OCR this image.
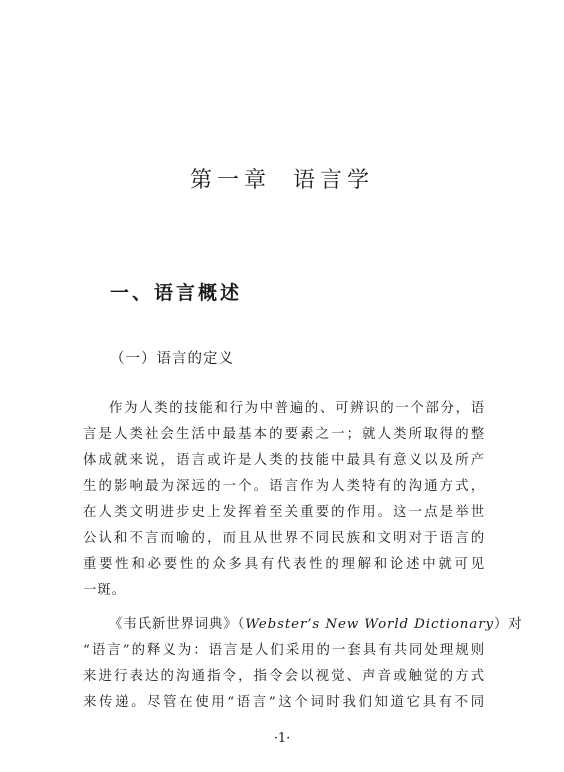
第一章 语言学
一、语言概述
（一）语言的定义
作为人类的技能和行为中普遍的、可辨识的一个部分，语
言是人类社会生活中最基本的要素之一；就人类所取得的整
体成就来说，语言或许是人类的技能中最具有意义以及所产
生的影响最为深远的一个。语言作为人类特有的沟通方式，
在人类文明进步史上发挥着至关重要的作用。这一点是举世
公认和不言而喻的，而且从世界不同民族和文明对于语言的
重要性和必要性的众多具有代表性的理解和论述中就可见
一斑。
《韦氏新世界词典》（Webster’s New World Dictionary）对
“语言”的释义为：语言是人们采用的一套具有共同处理规则
来进行表达的沟通指令，指令会以视觉、声音或触觉的方式
来传递。尽管在使用“语言”这个词时我们知道它具有不同
·1·
